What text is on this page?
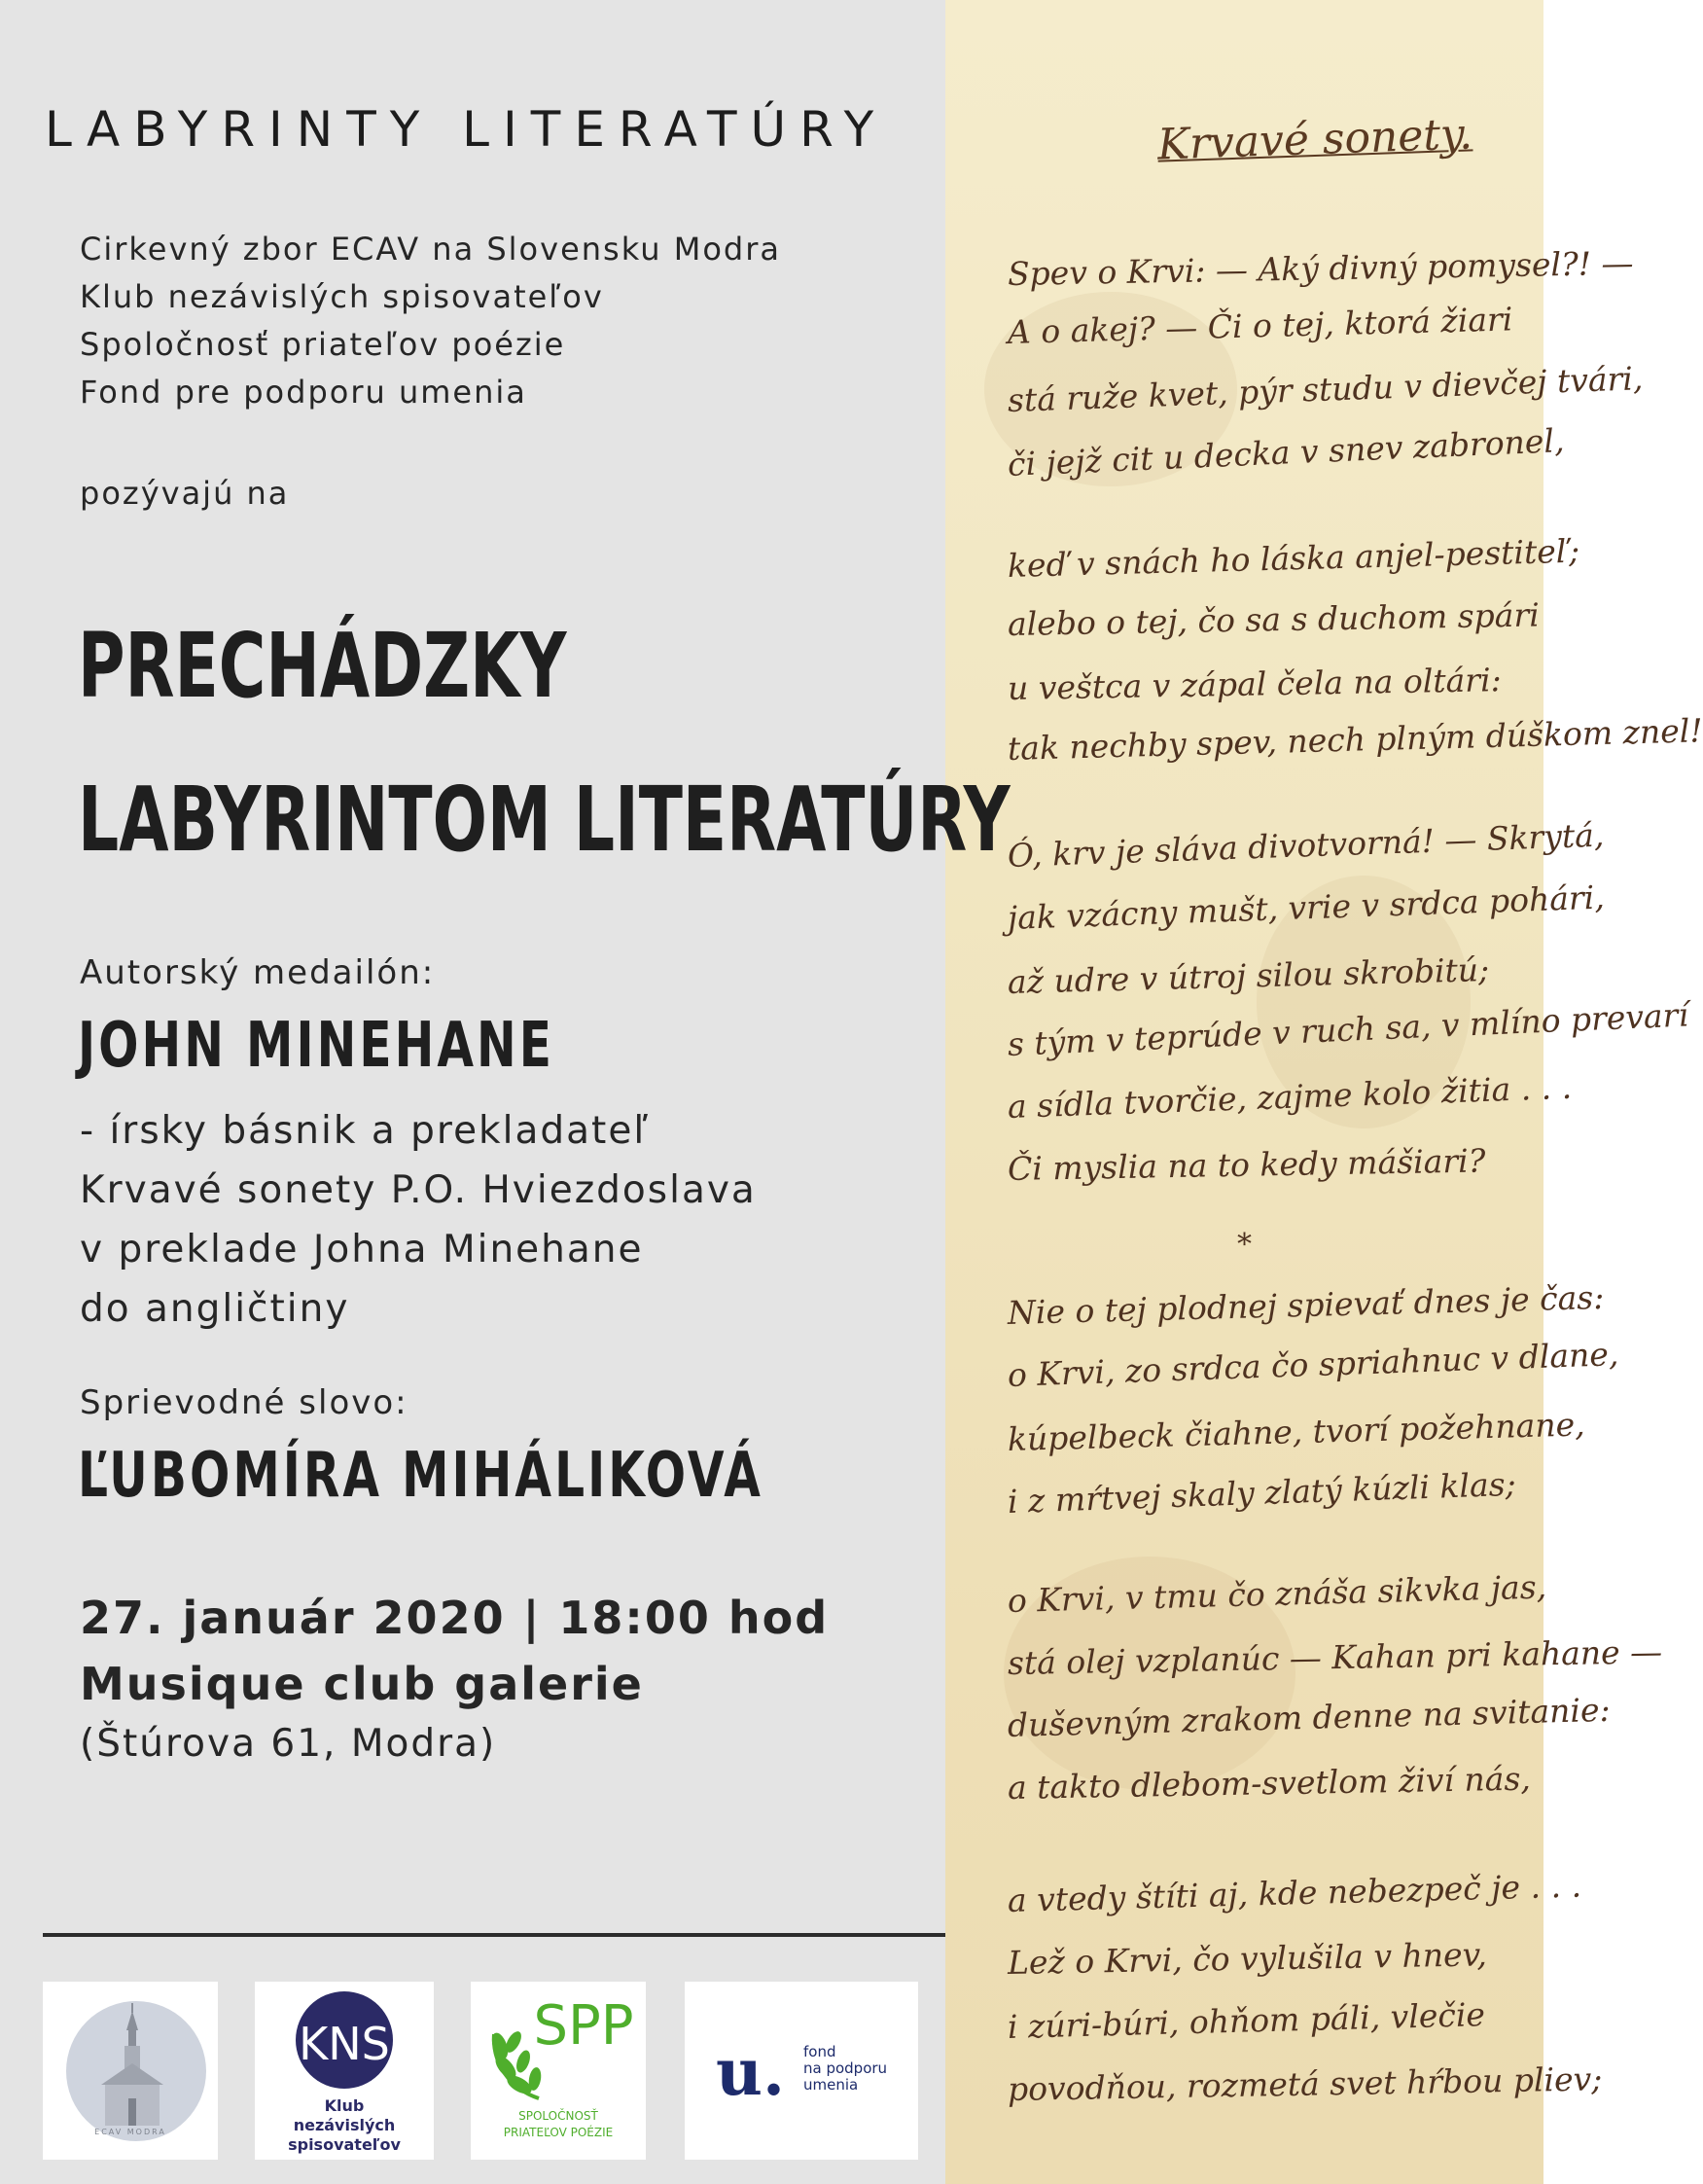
LABYRINTY LITERATÚRY
Cirkevný zbor ECAV na Slovensku Modra
Klub nezávislých spisovateľov
Spoločnosť priateľov poézie
Fond pre podporu umenia
pozývajú na
PRECHÁDZKY
LABYRINTOM LITERATÚRY
Autorský medailón:
JOHN MINEHANE
- írsky básnik a prekladateľ
Krvavé sonety P.O. Hviezdoslava
v preklade Johna Minehane
do angličtiny
Sprievodné slovo:
ĽUBOMÍRA MIHÁLIKOVÁ
27. január 2020 | 18:00 hod
Musique club galerie
(Štúrova 61, Modra)
ECAV MODRA
KNS
Klub
nezávislých
spisovateľov
SPP
SPOLOČNOSŤ
PRIATEĽOV POÉZIE
u. fond
na podporu
umenia
Krvavé sonety.
Spev o Krvi: — Aký divný pomysel?! —
A o akej? — Či o tej, ktorá žiari
stá ruže kvet, pýr studu v dievčej tvári,
či jejž cit u decka v snev zabronel,
keď v snách ho láska anjel-pestiteľ;
alebo o tej, čo sa s duchom spári
u veštca v zápal čela na oltári:
tak nechby spev, nech plným dúškom znel!
Ó, krv je sláva divotvorná! — Skrytá,
jak vzácny mušt, vrie v srdca pohári,
až udre v útroj silou skrobitú;
s tým v teprúde v ruch sa, v mlíno prevarí
a sídla tvorčie, zajme kolo žitia . . .
Či myslia na to kedy mášiari?
Nie o tej plodnej spievať dnes je čas:
o Krvi, zo srdca čo spriahnuc v dlane,
kúpelbeck čiahne, tvorí požehnane,
i z mŕtvej skaly zlatý kúzli klas;
o Krvi, v tmu čo znáša sikvka jas,
stá olej vzplanúc — Kahan pri kahane —
duševným zrakom denne na svitanie:
a takto dlebom-svetlom živí nás,
a vtedy štíti aj, kde nebezpeč je . . .
Lež o Krvi, čo vylušila v hnev,
i zúri-búri, ohňom páli, vlečie
povodňou, rozmetá svet hŕbou pliev;
*
